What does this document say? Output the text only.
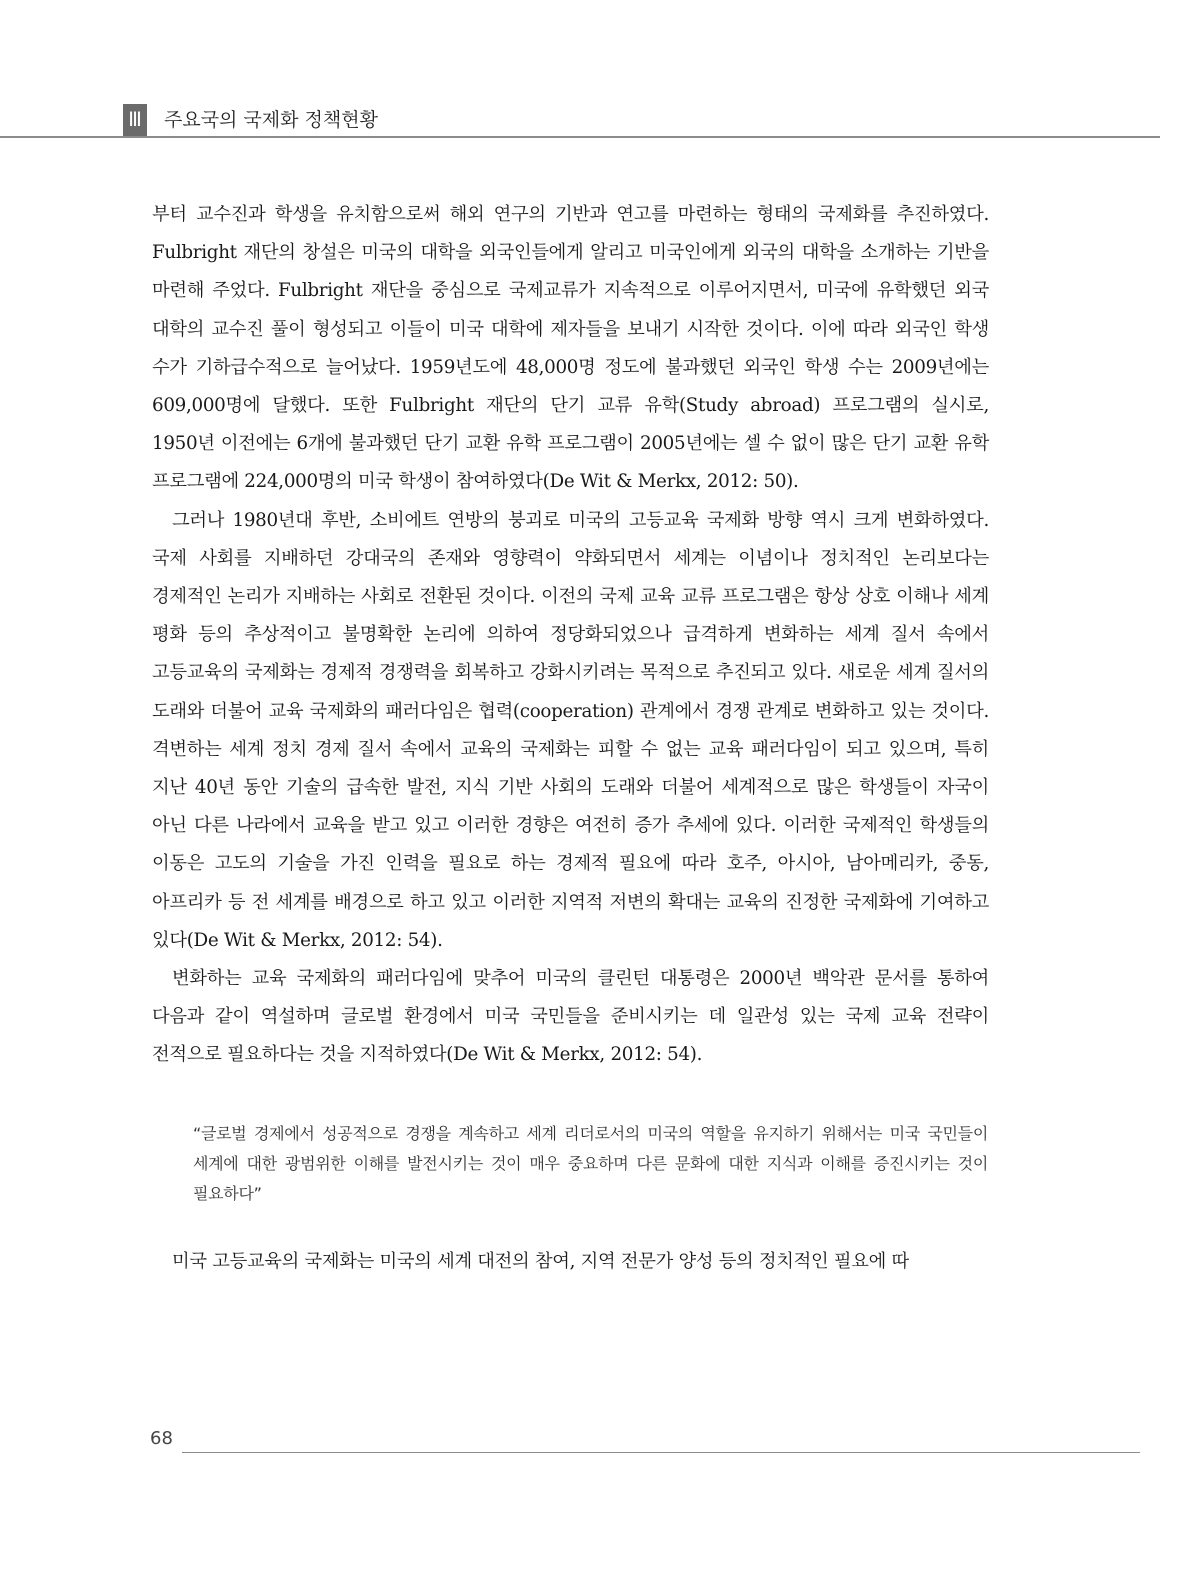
Ⅲ 주요국의 국제화 정책현황

부터 교수진과 학생을 유치함으로써 해외 연구의 기반과 연고를 마련하는 형태의 국제화를 추진하였다. Fulbright 재단의 창설은 미국의 대학을 외국인들에게 알리고 미국인에게 외국의 대학을 소개하는 기반을 마련해 주었다. Fulbright 재단을 중심으로 국제교류가 지속적으로 이루어지면서, 미국에 유학했던 외국 대학의 교수진 풀이 형성되고 이들이 미국 대학에 제자들을 보내기 시작한 것이다. 이에 따라 외국인 학생 수가 기하급수적으로 늘어났다. 1959년도에 48,000명 정도에 불과했던 외국인 학생 수는 2009년에는 609,000명에 달했다. 또한 Fulbright 재단의 단기 교류 유학(Study abroad) 프로그램의 실시로, 1950년 이전에는 6개에 불과했던 단기 교환 유학 프로그램이 2005년에는 셀 수 없이 많은 단기 교환 유학 프로그램에 224,000명의 미국 학생이 참여하였다(De Wit & Merkx, 2012: 50).

그러나 1980년대 후반, 소비에트 연방의 붕괴로 미국의 고등교육 국제화 방향 역시 크게 변화하였다. 국제 사회를 지배하던 강대국의 존재와 영향력이 약화되면서 세계는 이념이나 정치적인 논리보다는 경제적인 논리가 지배하는 사회로 전환된 것이다. 이전의 국제 교육 교류 프로그램은 항상 상호 이해나 세계 평화 등의 추상적이고 불명확한 논리에 의하여 정당화되었으나 급격하게 변화하는 세계 질서 속에서 고등교육의 국제화는 경제적 경쟁력을 회복하고 강화시키려는 목적으로 추진되고 있다. 새로운 세계 질서의 도래와 더불어 교육 국제화의 패러다임은 협력(cooperation) 관계에서 경쟁 관계로 변화하고 있는 것이다. 격변하는 세계 정치 경제 질서 속에서 교육의 국제화는 피할 수 없는 교육 패러다임이 되고 있으며, 특히 지난 40년 동안 기술의 급속한 발전, 지식 기반 사회의 도래와 더불어 세계적으로 많은 학생들이 자국이 아닌 다른 나라에서 교육을 받고 있고 이러한 경향은 여전히 증가 추세에 있다. 이러한 국제적인 학생들의 이동은 고도의 기술을 가진 인력을 필요로 하는 경제적 필요에 따라 호주, 아시아, 남아메리카, 중동, 아프리카 등 전 세계를 배경으로 하고 있고 이러한 지역적 저변의 확대는 교육의 진정한 국제화에 기여하고 있다(De Wit & Merkx, 2012: 54).

변화하는 교육 국제화의 패러다임에 맞추어 미국의 클린턴 대통령은 2000년 백악관 문서를 통하여 다음과 같이 역설하며 글로벌 환경에서 미국 국민들을 준비시키는 데 일관성 있는 국제 교육 전략이 전적으로 필요하다는 것을 지적하였다(De Wit & Merkx, 2012: 54).

“글로벌 경제에서 성공적으로 경쟁을 계속하고 세계 리더로서의 미국의 역할을 유지하기 위해서는 미국 국민들이 세계에 대한 광범위한 이해를 발전시키는 것이 매우 중요하며 다른 문화에 대한 지식과 이해를 증진시키는 것이 필요하다”

미국 고등교육의 국제화는 미국의 세계 대전의 참여, 지역 전문가 양성 등의 정치적인 필요에 따

68
